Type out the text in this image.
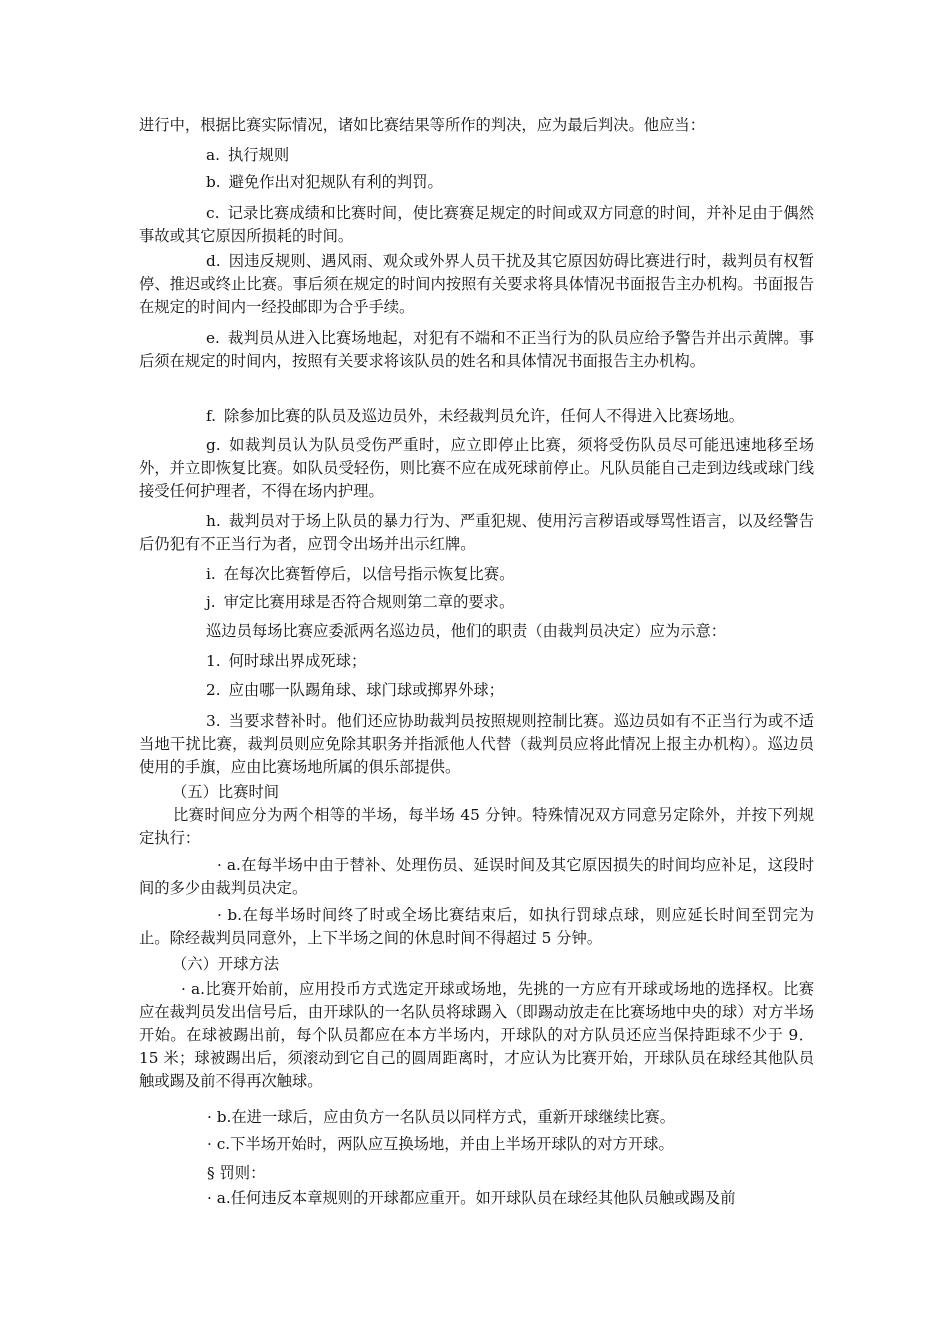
进行中，根据比赛实际情况，诸如比赛结果等所作的判决，应为最后判决。他应当：

a. 执行规则

b. 避免作出对犯规队有利的判罚。

c. 记录比赛成绩和比赛时间，使比赛赛足规定的时间或双方同意的时间，并补足由于偶然事故或其它原因所损耗的时间。

d. 因违反规则、遇风雨、观众或外界人员干扰及其它原因妨碍比赛进行时，裁判员有权暂停、推迟或终止比赛。事后须在规定的时间内按照有关要求将具体情况书面报告主办机构。书面报告在规定的时间内一经投邮即为合乎手续。

e. 裁判员从进入比赛场地起，对犯有不端和不正当行为的队员应给予警告并出示黄牌。事后须在规定的时间内，按照有关要求将该队员的姓名和具体情况书面报告主办机构。

f. 除参加比赛的队员及巡边员外，未经裁判员允许，任何人不得进入比赛场地。

g. 如裁判员认为队员受伤严重时，应立即停止比赛，须将受伤队员尽可能迅速地移至场外，并立即恢复比赛。如队员受轻伤，则比赛不应在成死球前停止。凡队员能自己走到边线或球门线接受任何护理者，不得在场内护理。

h. 裁判员对于场上队员的暴力行为、严重犯规、使用污言秽语或辱骂性语言，以及经警告后仍犯有不正当行为者，应罚令出场并出示红牌。

i. 在每次比赛暂停后，以信号指示恢复比赛。

j. 审定比赛用球是否符合规则第二章的要求。

巡边员每场比赛应委派两名巡边员，他们的职责（由裁判员决定）应为示意：

1. 何时球出界成死球；

2. 应由哪一队踢角球、球门球或掷界外球；

3. 当要求替补时。他们还应协助裁判员按照规则控制比赛。巡边员如有不正当行为或不适当地干扰比赛，裁判员则应免除其职务并指派他人代替（裁判员应将此情况上报主办机构）。巡边员使用的手旗，应由比赛场地所属的俱乐部提供。

（五）比赛时间

比赛时间应分为两个相等的半场，每半场 45 分钟。特殊情况双方同意另定除外，并按下列规定执行：

· a.在每半场中由于替补、处理伤员、延误时间及其它原因损失的时间均应补足，这段时间的多少由裁判员决定。

· b.在每半场时间终了时或全场比赛结束后，如执行罚球点球，则应延长时间至罚完为止。除经裁判员同意外，上下半场之间的休息时间不得超过 5 分钟。

（六）开球方法

· a.比赛开始前，应用投币方式选定开球或场地，先挑的一方应有开球或场地的选择权。比赛应在裁判员发出信号后，由开球队的一名队员将球踢入（即踢动放走在比赛场地中央的球）对方半场开始。在球被踢出前，每个队员都应在本方半场内，开球队的对方队员还应当保持距球不少于 9．15 米；球被踢出后，须滚动到它自己的圆周距离时，才应认为比赛开始，开球队员在球经其他队员触或踢及前不得再次触球。

· b.在进一球后，应由负方一名队员以同样方式，重新开球继续比赛。

· c.下半场开始时，两队应互换场地，并由上半场开球队的对方开球。

§ 罚则：

· a.任何违反本章规则的开球都应重开。如开球队员在球经其他队员触或踢及前
